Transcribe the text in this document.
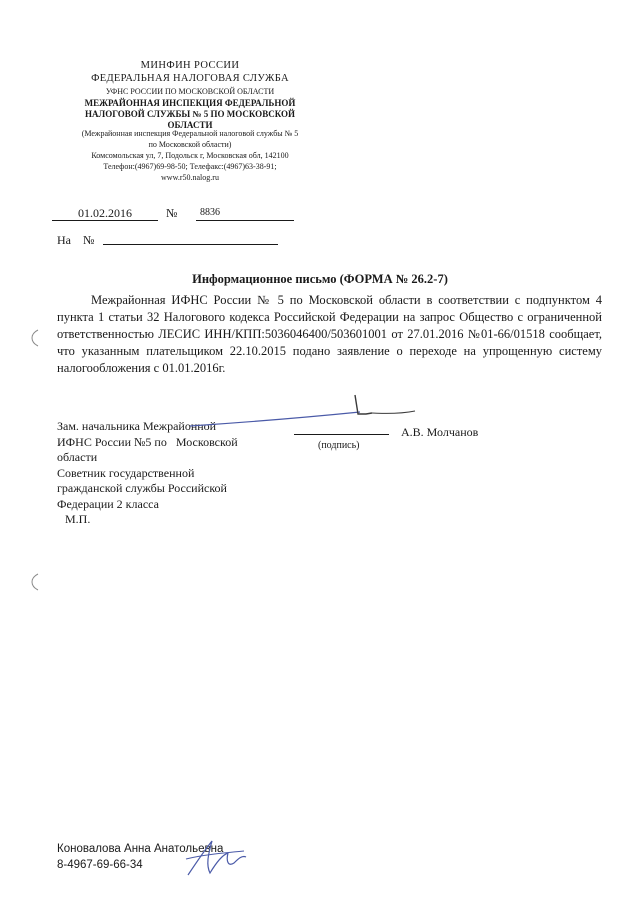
МИНФИН РОССИИ
ФЕДЕРАЛЬНАЯ НАЛОГОВАЯ СЛУЖБА
УФНС РОССИИ ПО МОСКОВСКОЙ ОБЛАСТИ
МЕЖРАЙОННАЯ ИНСПЕКЦИЯ ФЕДЕРАЛЬНОЙ
НАЛОГОВОЙ СЛУЖБЫ № 5 ПО МОСКОВСКОЙ
ОБЛАСТИ
(Межрайонная инспекция Федеральной налоговой службы № 5
по Московской области)
Комсомольская ул, 7, Подольск г, Московская обл, 142100
Телефон:(4967)69-98-50; Телефакс:(4967)63-38-91;
www.r50.nalog.ru
01.02.2016	№ 8836
На №
Информационное письмо (ФОРМА № 26.2-7)

Межрайонная ИФНС России № 5 по Московской области в соответствии с подпунктом 4 пункта 1 статьи 32 Налогового кодекса Российской Федерации на запрос Общество с ограниченной ответственностью ЛЕСИС ИНН/КПП:5036046400/503601001 от 27.01.2016 №01-66/01518 сообщает, что указанным плательщиком 22.10.2015 подано заявление о переходе на упрощенную систему налогообложения с 01.01.2016г.

Зам. начальника Межрайонной
ИФНС России №5 по   Московской
области
Советник государственной
гражданской службы Российской
Федерации 2 класса
М.П.
(подпись)
А.В. Молчанов
Коновалова Анна Анатольевна
8-4967-69-66-34
